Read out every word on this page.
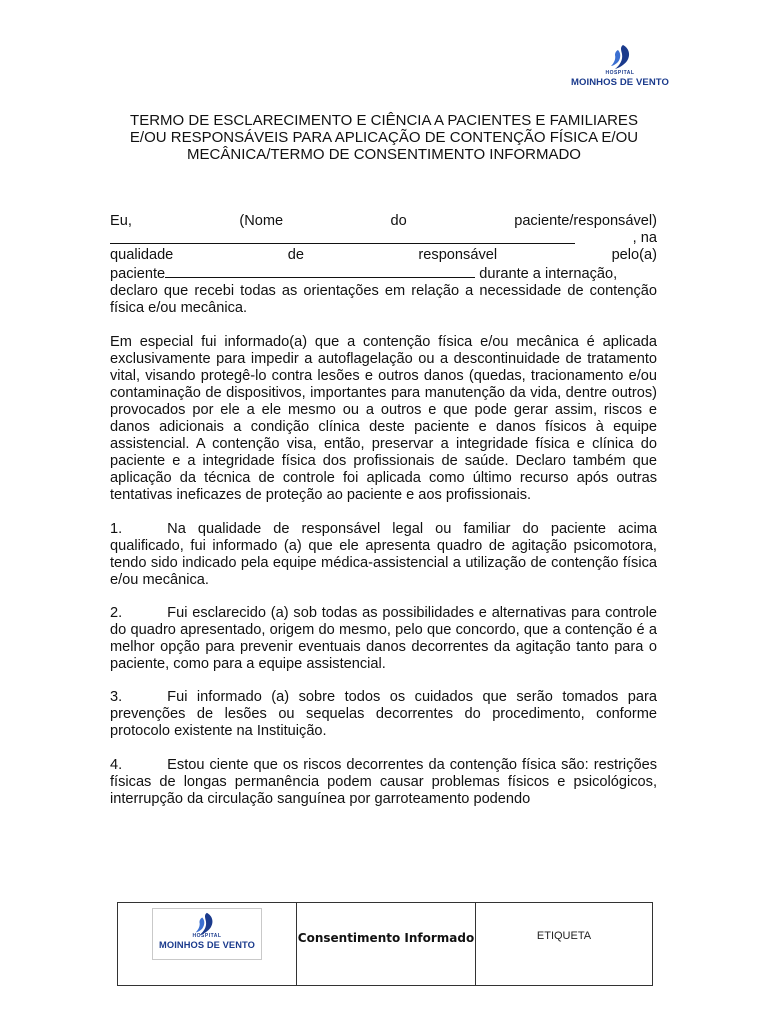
HOSPITAL
MOINHOS DE VENTO
TERMO DE ESCLARECIMENTO E CIÊNCIA A PACIENTES E FAMILIARES
E/OU RESPONSÁVEIS PARA APLICAÇÃO DE CONTENÇÃO FÍSICA E/OU
MECÂNICA/TERMO DE CONSENTIMENTO INFORMADO
Eu,	(Nome	do	paciente/responsável)
, na
qualidade	de	responsável	pelo(a)
paciente	durante a internação,
declaro que recebi todas as orientações em relação a necessidade de contenção física e/ou mecânica.

Em especial fui informado(a) que a contenção física e/ou mecânica é aplicada exclusivamente para impedir a autoflagelação ou a descontinuidade de tratamento vital, visando protegê-lo contra lesões e outros danos (quedas, tracionamento e/ou contaminação de dispositivos, importantes para manutenção da vida, dentre outros) provocados por ele a ele mesmo ou a outros e que pode gerar assim, riscos e danos adicionais a condição clínica deste paciente e danos físicos à equipe assistencial. A contenção visa, então, preservar a integridade física e clínica do paciente e a integridade física dos profissionais de saúde. Declaro também que aplicação da técnica de controle foi aplicada como último recurso após outras tentativas ineficazes de proteção ao paciente e aos profissionais.

1.	Na qualidade de responsável legal ou familiar do paciente acima qualificado, fui informado (a) que ele apresenta quadro de agitação psicomotora, tendo sido indicado pela equipe médica-assistencial a utilização de contenção física e/ou mecânica.

2.	Fui esclarecido (a) sob todas as possibilidades e alternativas para controle do quadro apresentado, origem do mesmo, pelo que concordo, que a contenção é a melhor opção para prevenir eventuais danos decorrentes da agitação tanto para o paciente, como para a equipe assistencial.

3.	Fui informado (a) sobre todos os cuidados que serão tomados para prevenções de lesões ou sequelas decorrentes do procedimento, conforme protocolo existente na Instituição.

4.	Estou ciente que os riscos decorrentes da contenção física são: restrições físicas de longas permanência podem causar problemas físicos e psicológicos, interrupção da circulação sanguínea por garroteamento podendo

HOSPITAL
MOINHOS DE VENTO	Consentimento Informado	ETIQUETA
